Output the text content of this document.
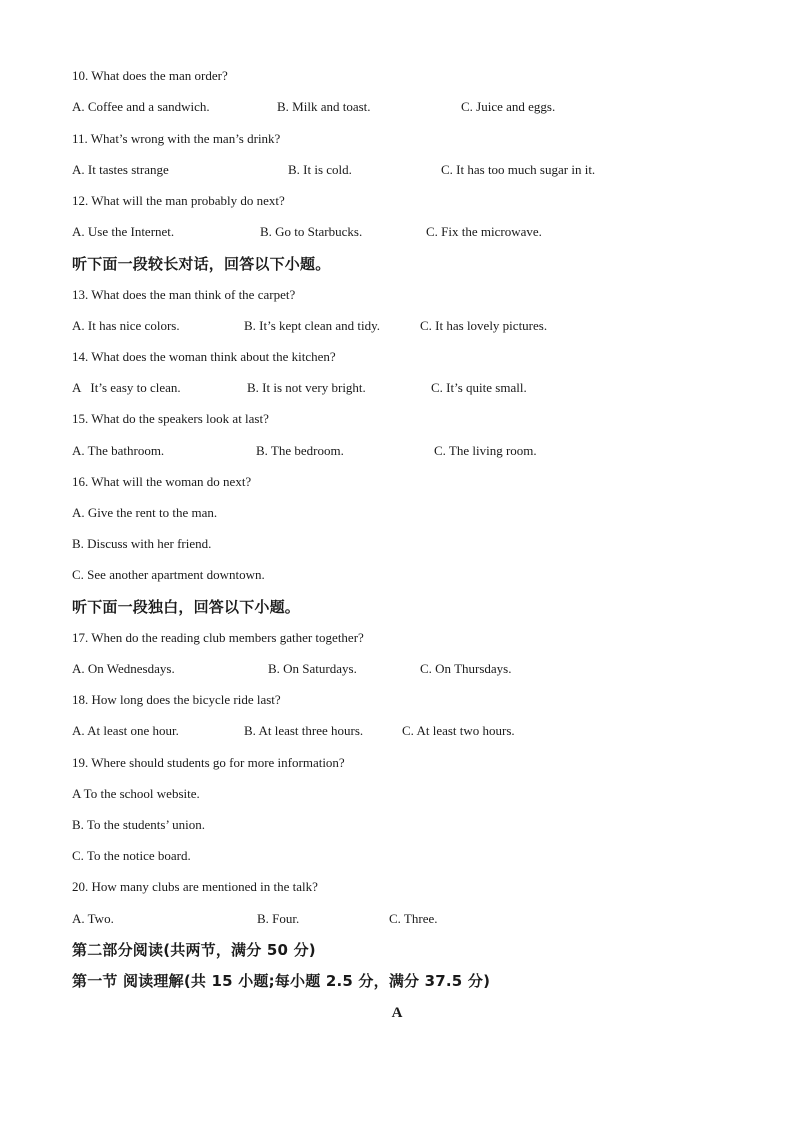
10. What does the man order?
A. Coffee and a sandwich.	B. Milk and toast.	C. Juice and eggs.
11. What’s wrong with the man’s drink?
A. It tastes strange	B. It is cold.	C. It has too much sugar in it.
12. What will the man probably do next?
A. Use the Internet.	B. Go to Starbucks.	C. Fix the microwave.
听下面一段较长对话，回答以下小题。
13. What does the man think of the carpet?
A. It has nice colors.	B. It’s kept clean and tidy.	C. It has lovely pictures.
14. What does the woman think about the kitchen?
A   It’s easy to clean.	B. It is not very bright.	C. It’s quite small.
15. What do the speakers look at last?
A. The bathroom.	B. The bedroom.	C. The living room.
16. What will the woman do next?
A. Give the rent to the man.
B. Discuss with her friend.
C. See another apartment downtown.
听下面一段独白，回答以下小题。
17. When do the reading club members gather together?
A. On Wednesdays.	B. On Saturdays.	C. On Thursdays.
18. How long does the bicycle ride last?
A. At least one hour.	B. At least three hours.	C. At least two hours.
19. Where should students go for more information?
A To the school website.
B. To the students’ union.
C. To the notice board.
20. How many clubs are mentioned in the talk?
A. Two.	B. Four.	C. Three.
第二部分阅读(共两节，满分 50 分)
第一节 阅读理解(共 15 小题;每小题 2.5 分，满分 37.5 分)
A
